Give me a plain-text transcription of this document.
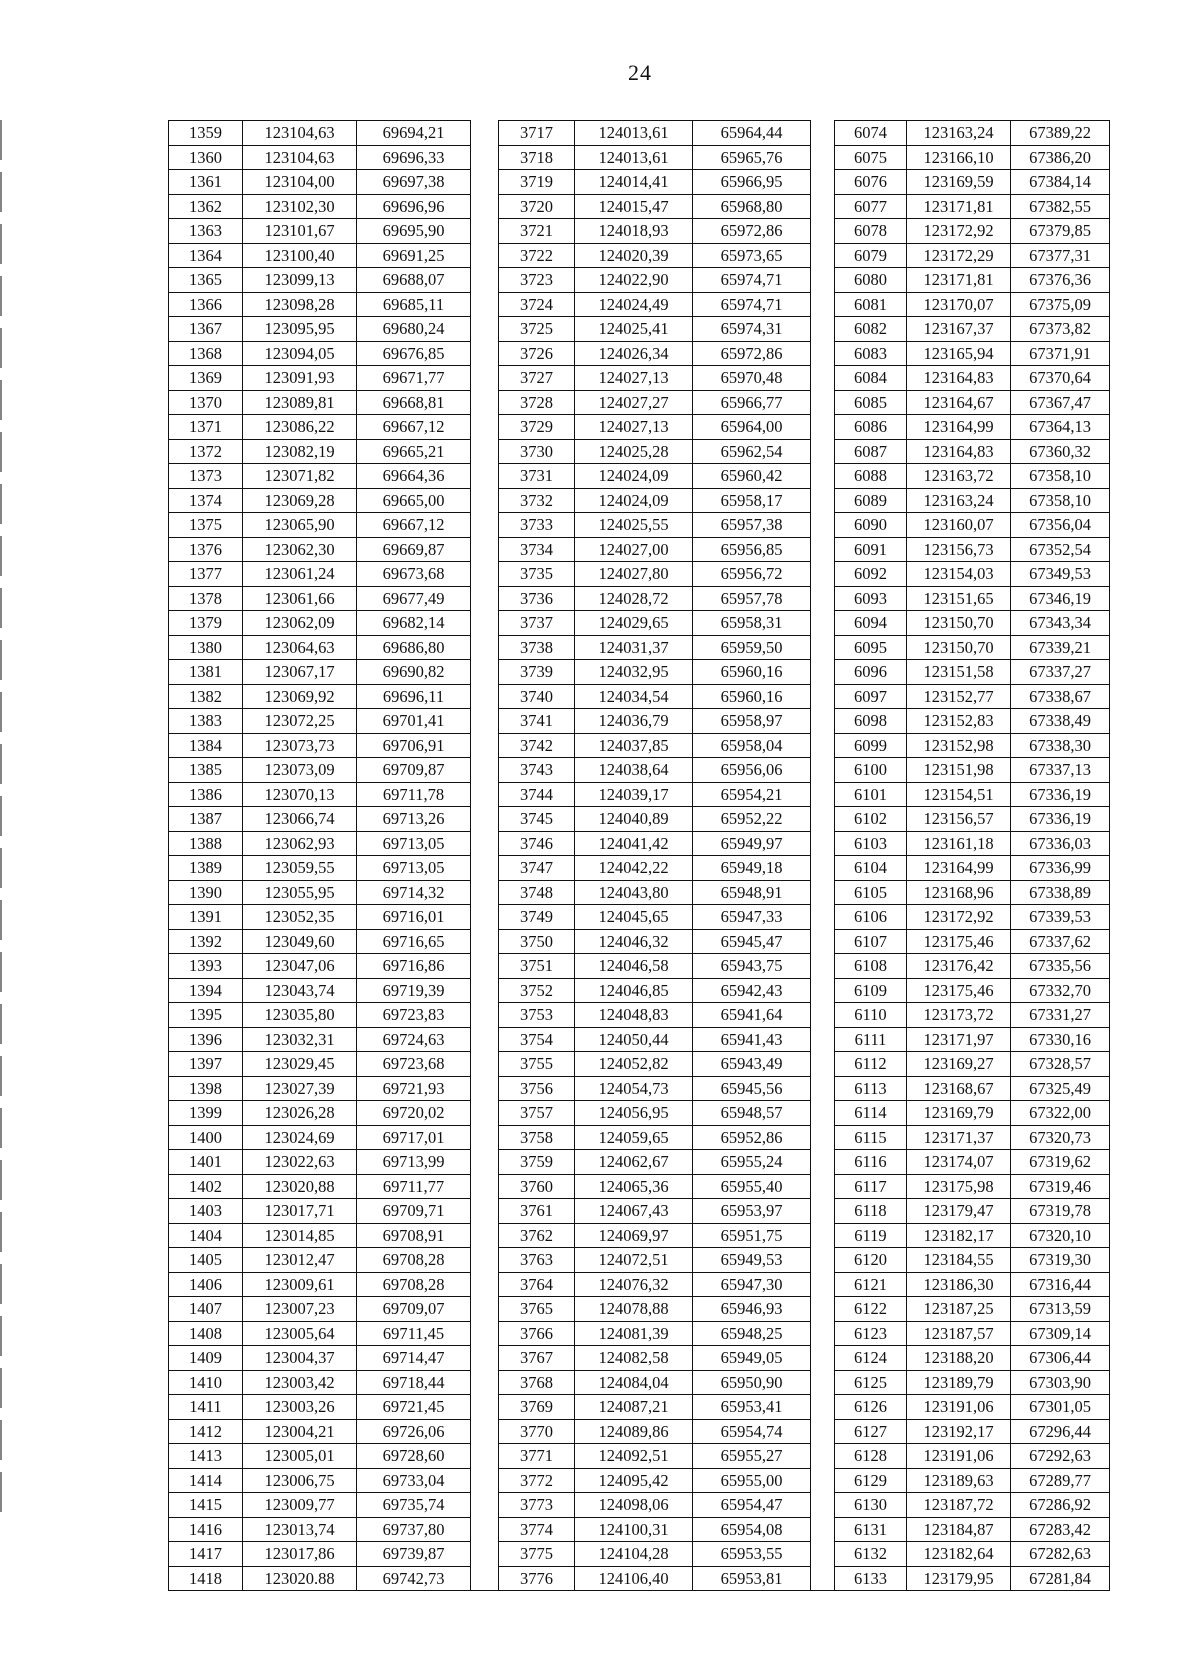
24
1359	123104,63	69694,21		3717	124013,61	65964,44		6074	123163,24	67389,22
1360	123104,63	69696,33		3718	124013,61	65965,76		6075	123166,10	67386,20
1361	123104,00	69697,38		3719	124014,41	65966,95		6076	123169,59	67384,14
1362	123102,30	69696,96		3720	124015,47	65968,80		6077	123171,81	67382,55
1363	123101,67	69695,90		3721	124018,93	65972,86		6078	123172,92	67379,85
1364	123100,40	69691,25		3722	124020,39	65973,65		6079	123172,29	67377,31
1365	123099,13	69688,07		3723	124022,90	65974,71		6080	123171,81	67376,36
1366	123098,28	69685,11		3724	124024,49	65974,71		6081	123170,07	67375,09
1367	123095,95	69680,24		3725	124025,41	65974,31		6082	123167,37	67373,82
1368	123094,05	69676,85		3726	124026,34	65972,86		6083	123165,94	67371,91
1369	123091,93	69671,77		3727	124027,13	65970,48		6084	123164,83	67370,64
1370	123089,81	69668,81		3728	124027,27	65966,77		6085	123164,67	67367,47
1371	123086,22	69667,12		3729	124027,13	65964,00		6086	123164,99	67364,13
1372	123082,19	69665,21		3730	124025,28	65962,54		6087	123164,83	67360,32
1373	123071,82	69664,36		3731	124024,09	65960,42		6088	123163,72	67358,10
1374	123069,28	69665,00		3732	124024,09	65958,17		6089	123163,24	67358,10
1375	123065,90	69667,12		3733	124025,55	65957,38		6090	123160,07	67356,04
1376	123062,30	69669,87		3734	124027,00	65956,85		6091	123156,73	67352,54
1377	123061,24	69673,68		3735	124027,80	65956,72		6092	123154,03	67349,53
1378	123061,66	69677,49		3736	124028,72	65957,78		6093	123151,65	67346,19
1379	123062,09	69682,14		3737	124029,65	65958,31		6094	123150,70	67343,34
1380	123064,63	69686,80		3738	124031,37	65959,50		6095	123150,70	67339,21
1381	123067,17	69690,82		3739	124032,95	65960,16		6096	123151,58	67337,27
1382	123069,92	69696,11		3740	124034,54	65960,16		6097	123152,77	67338,67
1383	123072,25	69701,41		3741	124036,79	65958,97		6098	123152,83	67338,49
1384	123073,73	69706,91		3742	124037,85	65958,04		6099	123152,98	67338,30
1385	123073,09	69709,87		3743	124038,64	65956,06		6100	123151,98	67337,13
1386	123070,13	69711,78		3744	124039,17	65954,21		6101	123154,51	67336,19
1387	123066,74	69713,26		3745	124040,89	65952,22		6102	123156,57	67336,19
1388	123062,93	69713,05		3746	124041,42	65949,97		6103	123161,18	67336,03
1389	123059,55	69713,05		3747	124042,22	65949,18		6104	123164,99	67336,99
1390	123055,95	69714,32		3748	124043,80	65948,91		6105	123168,96	67338,89
1391	123052,35	69716,01		3749	124045,65	65947,33		6106	123172,92	67339,53
1392	123049,60	69716,65		3750	124046,32	65945,47		6107	123175,46	67337,62
1393	123047,06	69716,86		3751	124046,58	65943,75		6108	123176,42	67335,56
1394	123043,74	69719,39		3752	124046,85	65942,43		6109	123175,46	67332,70
1395	123035,80	69723,83		3753	124048,83	65941,64		6110	123173,72	67331,27
1396	123032,31	69724,63		3754	124050,44	65941,43		6111	123171,97	67330,16
1397	123029,45	69723,68		3755	124052,82	65943,49		6112	123169,27	67328,57
1398	123027,39	69721,93		3756	124054,73	65945,56		6113	123168,67	67325,49
1399	123026,28	69720,02		3757	124056,95	65948,57		6114	123169,79	67322,00
1400	123024,69	69717,01		3758	124059,65	65952,86		6115	123171,37	67320,73
1401	123022,63	69713,99		3759	124062,67	65955,24		6116	123174,07	67319,62
1402	123020,88	69711,77		3760	124065,36	65955,40		6117	123175,98	67319,46
1403	123017,71	69709,71		3761	124067,43	65953,97		6118	123179,47	67319,78
1404	123014,85	69708,91		3762	124069,97	65951,75		6119	123182,17	67320,10
1405	123012,47	69708,28		3763	124072,51	65949,53		6120	123184,55	67319,30
1406	123009,61	69708,28		3764	124076,32	65947,30		6121	123186,30	67316,44
1407	123007,23	69709,07		3765	124078,88	65946,93		6122	123187,25	67313,59
1408	123005,64	69711,45		3766	124081,39	65948,25		6123	123187,57	67309,14
1409	123004,37	69714,47		3767	124082,58	65949,05		6124	123188,20	67306,44
1410	123003,42	69718,44		3768	124084,04	65950,90		6125	123189,79	67303,90
1411	123003,26	69721,45		3769	124087,21	65953,41		6126	123191,06	67301,05
1412	123004,21	69726,06		3770	124089,86	65954,74		6127	123192,17	67296,44
1413	123005,01	69728,60		3771	124092,51	65955,27		6128	123191,06	67292,63
1414	123006,75	69733,04		3772	124095,42	65955,00		6129	123189,63	67289,77
1415	123009,77	69735,74		3773	124098,06	65954,47		6130	123187,72	67286,92
1416	123013,74	69737,80		3774	124100,31	65954,08		6131	123184,87	67283,42
1417	123017,86	69739,87		3775	124104,28	65953,55		6132	123182,64	67282,63
1418	123020.88	69742,73		3776	124106,40	65953,81		6133	123179,95	67281,84
